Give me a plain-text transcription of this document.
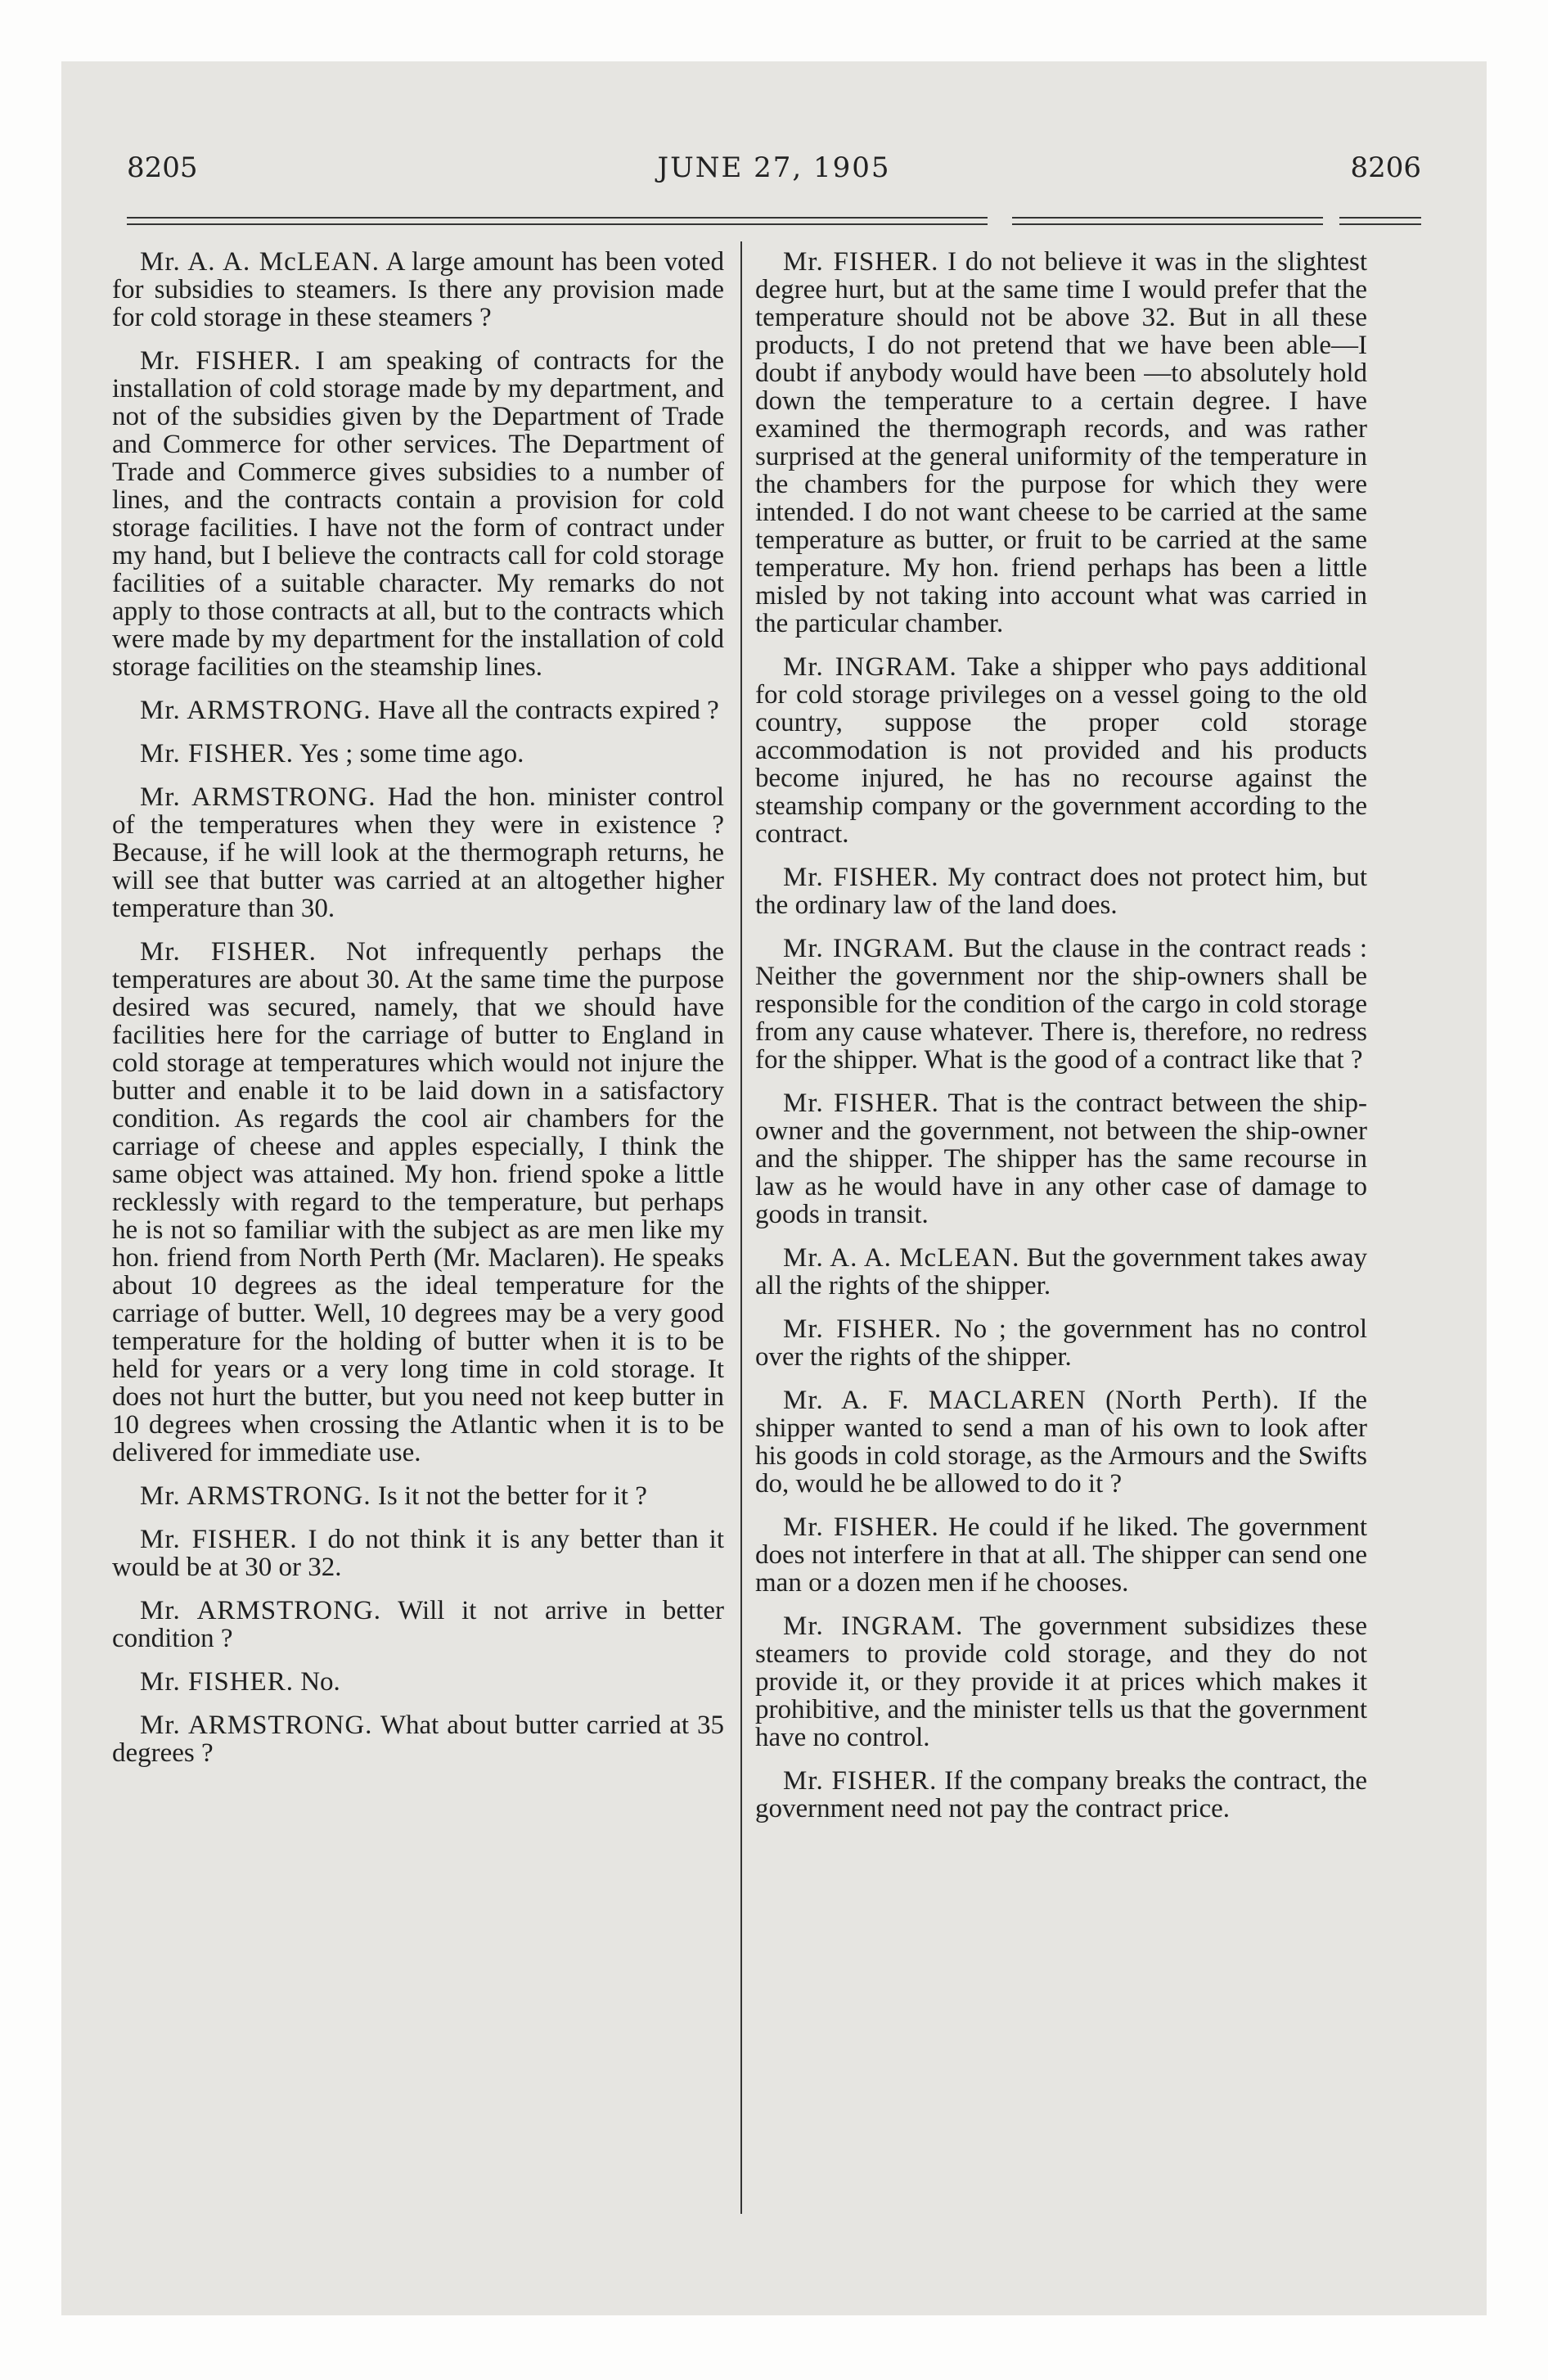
8205	JUNE 27, 1905	8206

Mr. A. A. McLEAN. A large amount has been voted for subsidies to steamers. Is there any provision made for cold storage in these steamers ?

Mr. FISHER. I am speaking of contracts for the installation of cold storage made by my department, and not of the subsidies given by the Department of Trade and Commerce for other services. The Department of Trade and Commerce gives subsidies to a number of lines, and the contracts contain a provision for cold storage facilities. I have not the form of contract under my hand, but I believe the contracts call for cold storage facilities of a suitable character. My remarks do not apply to those contracts at all, but to the contracts which were made by my department for the installation of cold storage facilities on the steamship lines.

Mr. ARMSTRONG. Have all the contracts expired ?

Mr. FISHER. Yes ; some time ago.

Mr. ARMSTRONG. Had the hon. minister control of the temperatures when they were in existence ? Because, if he will look at the thermograph returns, he will see that butter was carried at an altogether higher temperature than 30.

Mr. FISHER. Not infrequently perhaps the temperatures are about 30. At the same time the purpose desired was secured, namely, that we should have facilities here for the carriage of butter to England in cold storage at temperatures which would not injure the butter and enable it to be laid down in a satisfactory condition. As regards the cool air chambers for the carriage of cheese and apples especially, I think the same object was attained. My hon. friend spoke a little recklessly with regard to the temperature, but perhaps he is not so familiar with the subject as are men like my hon. friend from North Perth (Mr. Maclaren). He speaks about 10 degrees as the ideal temperature for the carriage of butter. Well, 10 degrees may be a very good temperature for the holding of butter when it is to be held for years or a very long time in cold storage. It does not hurt the butter, but you need not keep butter in 10 degrees when crossing the Atlantic when it is to be delivered for immediate use.

Mr. ARMSTRONG. Is it not the better for it ?

Mr. FISHER. I do not think it is any better than it would be at 30 or 32.

Mr. ARMSTRONG. Will it not arrive in better condition ?

Mr. FISHER. No.

Mr. ARMSTRONG. What about butter carried at 35 degrees ?

Mr. FISHER. I do not believe it was in the slightest degree hurt, but at the same time I would prefer that the temperature should not be above 32. But in all these products, I do not pretend that we have been able—I doubt if anybody would have been —to absolutely hold down the temperature to a certain degree. I have examined the thermograph records, and was rather surprised at the general uniformity of the temperature in the chambers for the purpose for which they were intended. I do not want cheese to be carried at the same temperature as butter, or fruit to be carried at the same temperature. My hon. friend perhaps has been a little misled by not taking into account what was carried in the particular chamber.

Mr. INGRAM. Take a shipper who pays additional for cold storage privileges on a vessel going to the old country, suppose the proper cold storage accommodation is not provided and his products become injured, he has no recourse against the steamship company or the government according to the contract.

Mr. FISHER. My contract does not protect him, but the ordinary law of the land does.

Mr. INGRAM. But the clause in the contract reads : Neither the government nor the ship-owners shall be responsible for the condition of the cargo in cold storage from any cause whatever. There is, therefore, no redress for the shipper. What is the good of a contract like that ?

Mr. FISHER. That is the contract between the ship-owner and the government, not between the ship-owner and the shipper. The shipper has the same recourse in law as he would have in any other case of damage to goods in transit.

Mr. A. A. McLEAN. But the government takes away all the rights of the shipper.

Mr. FISHER. No ; the government has no control over the rights of the shipper.

Mr. A. F. MACLAREN (North Perth). If the shipper wanted to send a man of his own to look after his goods in cold storage, as the Armours and the Swifts do, would he be allowed to do it ?

Mr. FISHER. He could if he liked. The government does not interfere in that at all. The shipper can send one man or a dozen men if he chooses.

Mr. INGRAM. The government subsidizes these steamers to provide cold storage, and they do not provide it, or they provide it at prices which makes it prohibitive, and the minister tells us that the government have no control.

Mr. FISHER. If the company breaks the contract, the government need not pay the contract price.
